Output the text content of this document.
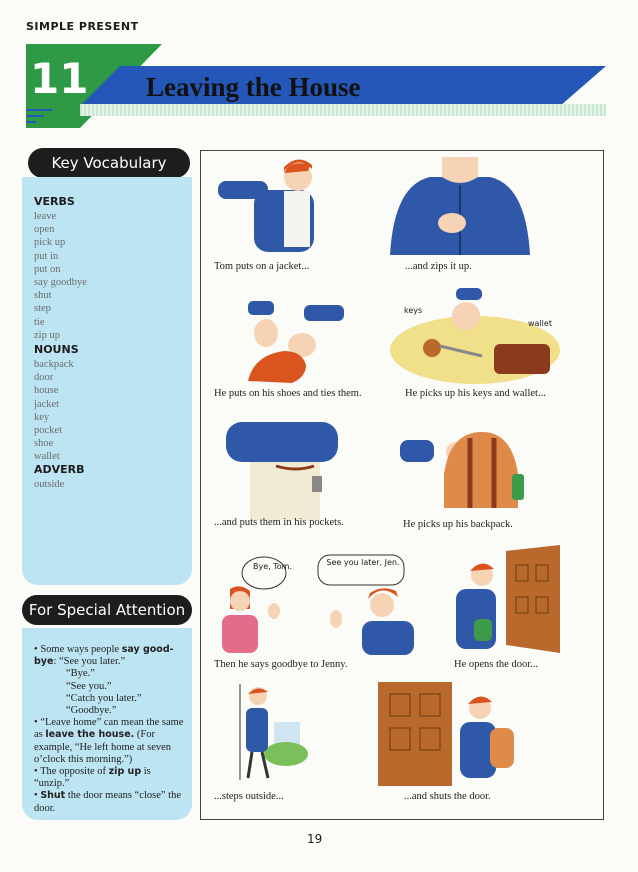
SIMPLE PRESENT
11 Leaving the House
Key Vocabulary
VERBS
leave
open
pick up
put in
put on
say goodbye
shut
step
tie
zip up
NOUNS
backpack
door
house
jacket
key
pocket
shoe
wallet
ADVERB
outside
For Special Attention
• Some ways people say good-bye: “See you later.”
“Bye.”
“See you.”
“Catch you later.”
“Goodbye.”
• “Leave home” can mean the same as leave the house. (For example, “He left home at seven o’clock this morning.”)
• The opposite of zip up is “unzip.”
• Shut the door means “close” the door.
Tom puts on a jacket...	...and zips it up.
He puts on his shoes and ties them.
keys
wallet
He picks up his keys and wallet...
...and puts them in his pockets.	He picks up his backpack.
Bye, Tom.	See you later, Jen.
Then he says goodbye to Jenny.	He opens the door...
...steps outside...	...and shuts the door.
19
